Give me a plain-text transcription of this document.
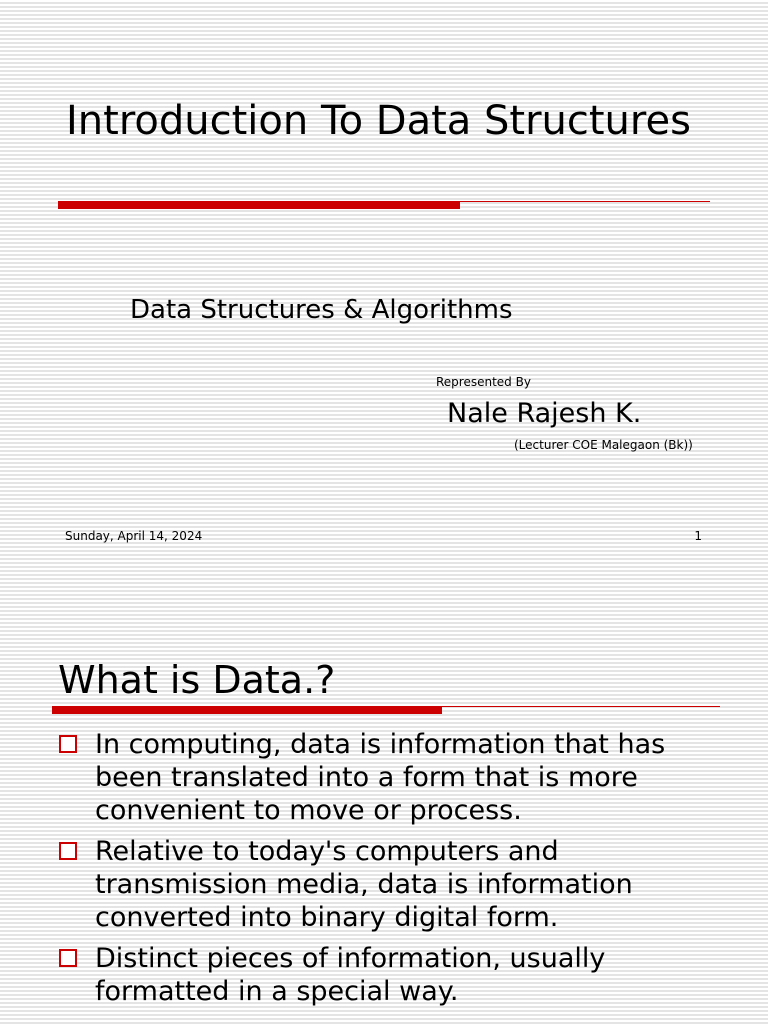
Introduction To Data Structures

Data Structures & Algorithms

Represented By
Nale Rajesh K.
(Lecturer COE Malegaon (Bk))
Sunday, April 14, 2024	1
What is Data.?
In computing, data is information that has been translated into a form that is more convenient to move or process.
Relative to today's computers and transmission media, data is information converted into binary digital form.
Distinct pieces of information, usually formatted in a special way.
